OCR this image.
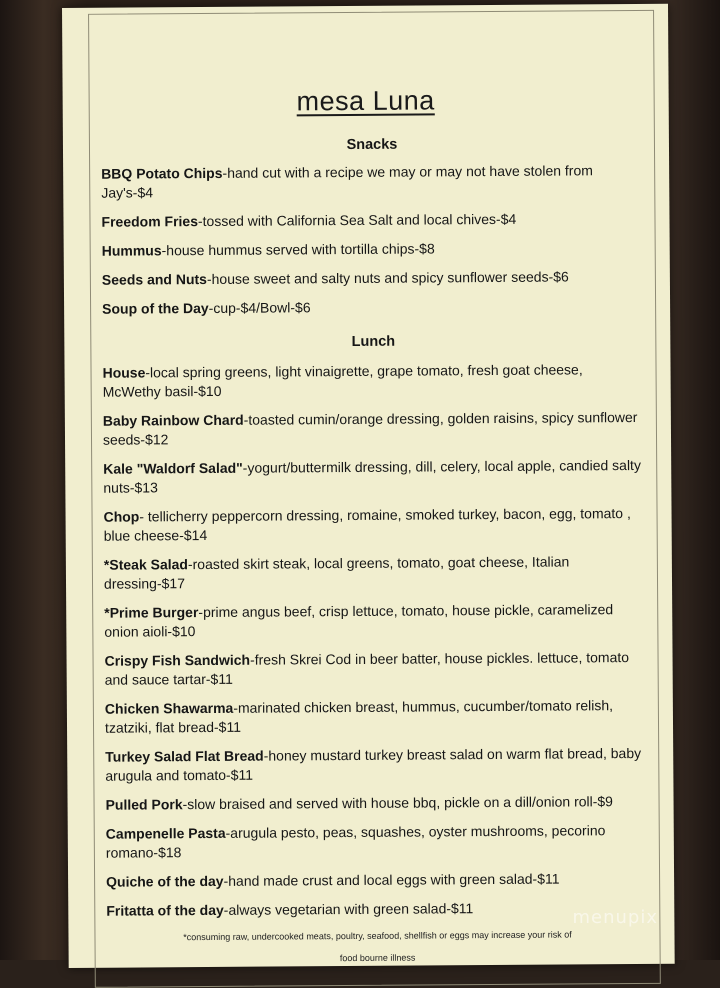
mesa Luna
Snacks
BBQ Potato Chips-hand cut with a recipe we may or may not have stolen from Jay's-$4
Freedom Fries-tossed with California Sea Salt and local chives-$4
Hummus-house hummus served with tortilla chips-$8
Seeds and Nuts-house sweet and salty nuts and spicy sunflower seeds-$6
Soup of the Day-cup-$4/Bowl-$6
Lunch
House-local spring greens, light vinaigrette, grape tomato, fresh goat cheese, McWethy basil-$10
Baby Rainbow Chard-toasted cumin/orange dressing, golden raisins, spicy sunflower seeds-$12
Kale "Waldorf Salad"-yogurt/buttermilk dressing, dill, celery, local apple, candied salty nuts-$13
Chop- tellicherry peppercorn dressing, romaine, smoked turkey, bacon, egg, tomato , blue cheese-$14
*Steak Salad-roasted skirt steak, local greens, tomato, goat cheese, Italian dressing-$17
*Prime Burger-prime angus beef, crisp lettuce, tomato, house pickle, caramelized onion aioli-$10
Crispy Fish Sandwich-fresh Skrei Cod in beer batter, house pickles. lettuce, tomato and sauce tartar-$11
Chicken Shawarma-marinated chicken breast, hummus, cucumber/tomato relish, tzatziki, flat bread-$11
Turkey Salad Flat Bread-honey mustard turkey breast salad on warm flat bread, baby arugula and tomato-$11
Pulled Pork-slow braised and served with house bbq, pickle on a dill/onion roll-$9
Campenelle Pasta-arugula pesto, peas, squashes, oyster mushrooms, pecorino romano-$18
Quiche of the day-hand made crust and local eggs with green salad-$11
Fritatta of the day-always vegetarian with green salad-$11
*consuming raw, undercooked meats, poultry, seafood, shellfish or eggs may increase your risk of
food bourne illness
menupix
